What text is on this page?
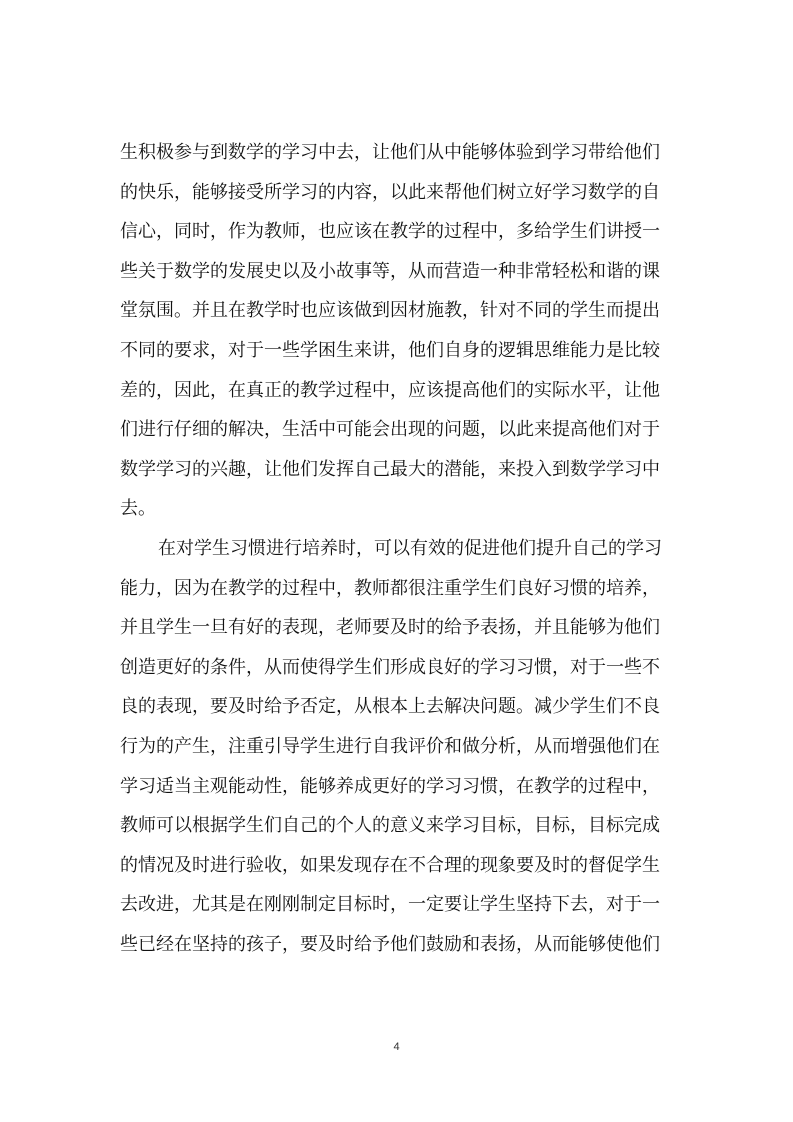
生积极参与到数学的学习中去，让他们从中能够体验到学习带给他们
的快乐，能够接受所学习的内容，以此来帮他们树立好学习数学的自
信心，同时，作为教师，也应该在教学的过程中，多给学生们讲授一
些关于数学的发展史以及小故事等，从而营造一种非常轻松和谐的课
堂氛围。并且在教学时也应该做到因材施教，针对不同的学生而提出
不同的要求，对于一些学困生来讲，他们自身的逻辑思维能力是比较
差的，因此，在真正的教学过程中，应该提高他们的实际水平，让他
们进行仔细的解决，生活中可能会出现的问题，以此来提高他们对于
数学学习的兴趣，让他们发挥自己最大的潜能，来投入到数学学习中
去。
在对学生习惯进行培养时，可以有效的促进他们提升自己的学习
能力，因为在教学的过程中，教师都很注重学生们良好习惯的培养，
并且学生一旦有好的表现，老师要及时的给予表扬，并且能够为他们
创造更好的条件，从而使得学生们形成良好的学习习惯，对于一些不
良的表现，要及时给予否定，从根本上去解决问题。减少学生们不良
行为的产生，注重引导学生进行自我评价和做分析，从而增强他们在
学习适当主观能动性，能够养成更好的学习习惯，在教学的过程中，
教师可以根据学生们自己的个人的意义来学习目标，目标，目标完成
的情况及时进行验收，如果发现存在不合理的现象要及时的督促学生
去改进，尤其是在刚刚制定目标时，一定要让学生坚持下去，对于一
些已经在坚持的孩子，要及时给予他们鼓励和表扬，从而能够使他们
4
